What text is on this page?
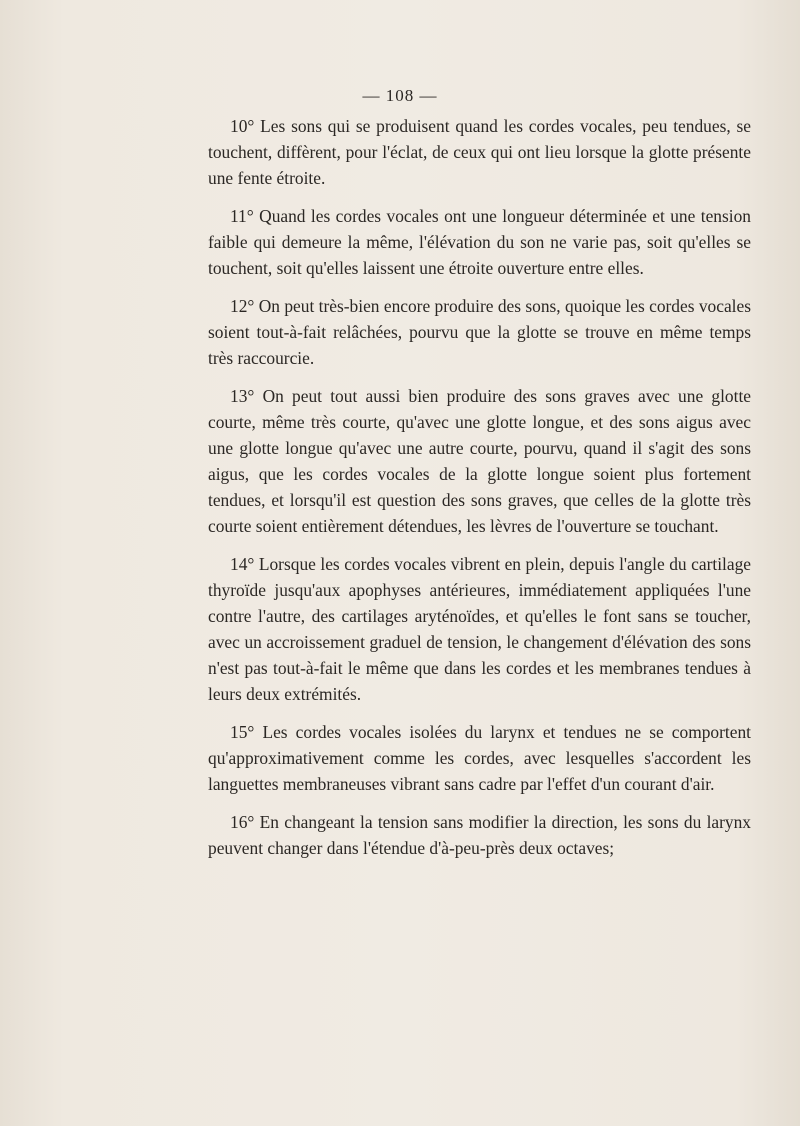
— 108 —

10° Les sons qui se produisent quand les cordes vocales, peu tendues, se touchent, diffèrent, pour l'éclat, de ceux qui ont lieu lorsque la glotte présente une fente étroite.

11° Quand les cordes vocales ont une longueur déterminée et une tension faible qui demeure la même, l'élévation du son ne varie pas, soit qu'elles se touchent, soit qu'elles laissent une étroite ouverture entre elles.

12° On peut très-bien encore produire des sons, quoique les cordes vocales soient tout-à-fait relâchées, pourvu que la glotte se trouve en même temps très raccourcie.

13° On peut tout aussi bien produire des sons graves avec une glotte courte, même très courte, qu'avec une glotte longue, et des sons aigus avec une glotte longue qu'avec une autre courte, pourvu, quand il s'agit des sons aigus, que les cordes vocales de la glotte longue soient plus fortement tendues, et lorsqu'il est question des sons graves, que celles de la glotte très courte soient entièrement détendues, les lèvres de l'ouverture se touchant.

14° Lorsque les cordes vocales vibrent en plein, depuis l'angle du cartilage thyroïde jusqu'aux apophyses antérieures, immédiatement appliquées l'une contre l'autre, des cartilages aryténoïdes, et qu'elles le font sans se toucher, avec un accroissement graduel de tension, le changement d'élévation des sons n'est pas tout-à-fait le même que dans les cordes et les membranes tendues à leurs deux extrémités.

15° Les cordes vocales isolées du larynx et tendues ne se comportent qu'approximativement comme les cordes, avec lesquelles s'accordent les languettes membraneuses vibrant sans cadre par l'effet d'un courant d'air.

16° En changeant la tension sans modifier la direction, les sons du larynx peuvent changer dans l'étendue d'à-peu-près deux octaves;
